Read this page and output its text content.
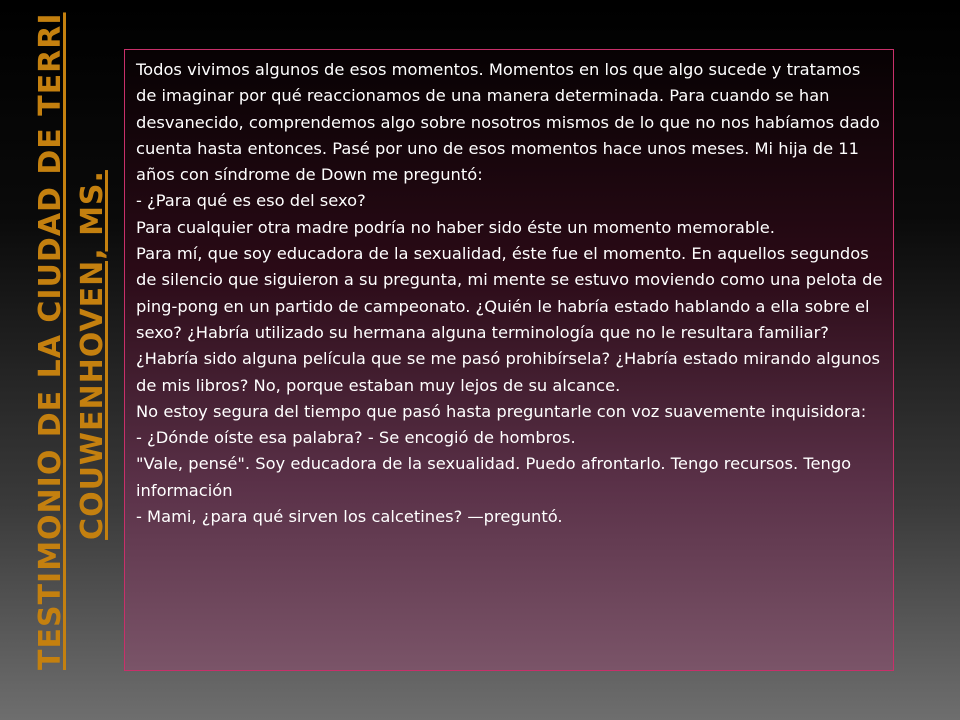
TESTIMONIO DE LA CIUDAD DE TERRI COUWENHOVEN, MS.

Todos vivimos algunos de esos momentos. Momentos en los que algo sucede y tratamos de imaginar por qué reaccionamos de una manera determinada. Para cuando se han desvanecido, comprendemos algo sobre nosotros mismos de lo que no nos habíamos dado cuenta hasta entonces. Pasé por uno de esos momentos hace unos meses. Mi hija de 11 años con síndrome de Down me preguntó:

- ¿Para qué es eso del sexo?

Para cualquier otra madre podría no haber sido éste un momento memorable.

Para mí, que soy educadora de la sexualidad, éste fue el momento. En aquellos segundos de silencio que siguieron a su pregunta, mi mente se estuvo moviendo como una pelota de ping-pong en un partido de campeonato. ¿Quién le habría estado hablando a ella sobre el sexo? ¿Habría utilizado su hermana alguna terminología que no le resultara familiar? ¿Habría sido alguna película que se me pasó prohibírsela? ¿Habría estado mirando algunos de mis libros? No, porque estaban muy lejos de su alcance.

No estoy segura del tiempo que pasó hasta preguntarle con voz suavemente inquisidora:

- ¿Dónde oíste esa palabra? - Se encogió de hombros.

"Vale, pensé". Soy educadora de la sexualidad. Puedo afrontarlo. Tengo recursos. Tengo información

- Mami, ¿para qué sirven los calcetines? —preguntó.
